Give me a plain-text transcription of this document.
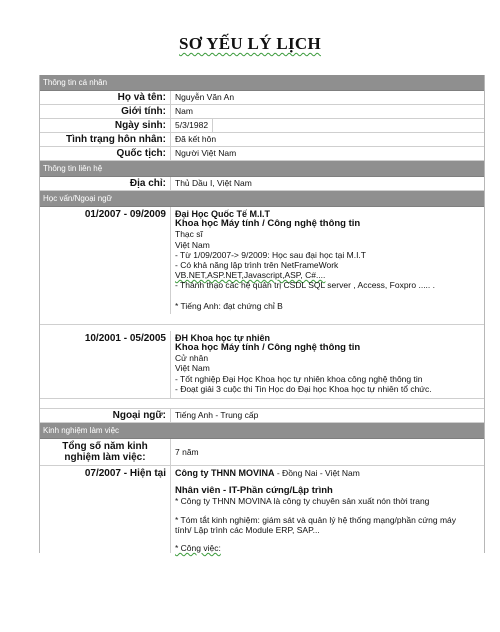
SƠ YẾU LÝ LỊCH
Thông tin cá nhân
Họ và tên:	Nguyễn Văn An
Giới tính:	Nam
Ngày sinh:	5/3/1982
Tình trạng hôn nhân:	Đã kết hôn
Quốc tịch:	Người Việt Nam
Thông tin liên hệ
Địa chỉ:	Thủ Dầu I, Việt Nam
Học vấn/Ngoại ngữ
01/2007 - 09/2009	Đại Học Quốc Tế M.I.T
Khoa học Máy tính / Công nghệ thông tin
Thạc sĩ
Việt Nam
- Từ 1/09/2007-> 9/2009: Học sau đại học tại M.I.T
- Có khả năng lập trình trên NetFrameWork
VB.NET,ASP.NET,Javascript,ASP, C#....
- Thành thạo các hệ quản trị CSDL SQL server , Access, Foxpro ..... .
* Tiếng Anh: đạt chứng chỉ B
10/2001 - 05/2005	ĐH Khoa học tự nhiên
Khoa học Máy tính / Công nghệ thông tin
Cử nhân
Việt Nam
- Tốt nghiệp Đại Học Khoa học tự nhiên khoa công nghệ thông tin
- Đoạt giải 3 cuộc thi Tin Học do Đại học Khoa học tự nhiên tổ chức.
Ngoại ngữ:	Tiếng Anh - Trung cấp
Kinh nghiệm làm việc
Tổng số năm kinh nghiệm làm việc:	7 năm
07/2007 - Hiện tại	Công ty THNN MOVINA - Đồng Nai - Việt Nam
Nhân viên - IT-Phần cứng/Lập trình
* Công ty THNN MOVINA là công ty chuyên sản xuất nón thời trang
* Tóm tắt kinh nghiệm: giám sát và quản lý hệ thống mạng/phần cứng máy tính/ Lập trình các Module ERP, SAP...
* Công việc:
